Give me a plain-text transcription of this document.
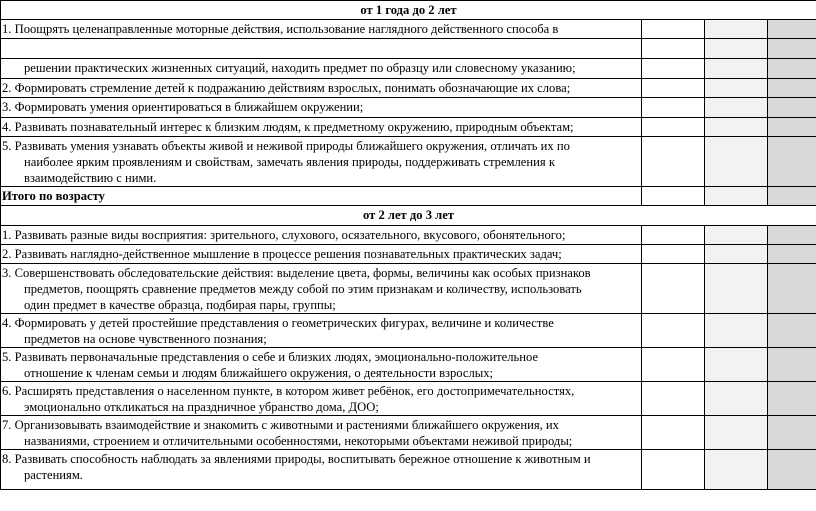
от 1 года до 2 лет
1. Поощрять целенаправленные моторные действия, использование наглядного действенного способа в
решении практических жизненных ситуаций, находить предмет по образцу или словесному указанию;
2. Формировать стремление детей к подражанию действиям взрослых, понимать обозначающие их слова;
3. Формировать умения ориентироваться в ближайшем окружении;
4. Развивать познавательный интерес к близким людям, к предметному окружению, природным объектам;
5. Развивать умения узнавать объекты живой и неживой природы ближайшего окружения, отличать их по
наиболее ярким проявлениям и свойствам, замечать явления природы, поддерживать стремления к
взаимодействию с ними.
Итого по возрасту
от 2 лет до 3 лет
1. Развивать разные виды восприятия: зрительного, слухового, осязательного, вкусового, обонятельного;
2. Развивать наглядно-действенное мышление в процессе решения познавательных практических задач;
3. Совершенствовать обследовательские действия: выделение цвета, формы, величины как особых признаков
предметов, поощрять сравнение предметов между собой по этим признакам и количеству, использовать
один предмет в качестве образца, подбирая пары, группы;
4. Формировать у детей простейшие представления о геометрических фигурах, величине и количестве
предметов на основе чувственного познания;
5. Развивать первоначальные представления о себе и близких людях, эмоционально-положительное
отношение к членам семьи и людям ближайшего окружения, о деятельности взрослых;
6. Расширять представления о населенном пункте, в котором живет ребёнок, его достопримечательностях,
эмоционально откликаться на праздничное убранство дома, ДОО;
7. Организовывать взаимодействие и знакомить с животными и растениями ближайшего окружения, их
названиями, строением и отличительными особенностями, некоторыми объектами неживой природы;
8. Развивать способность наблюдать за явлениями природы, воспитывать бережное отношение к животным и
растениям.
